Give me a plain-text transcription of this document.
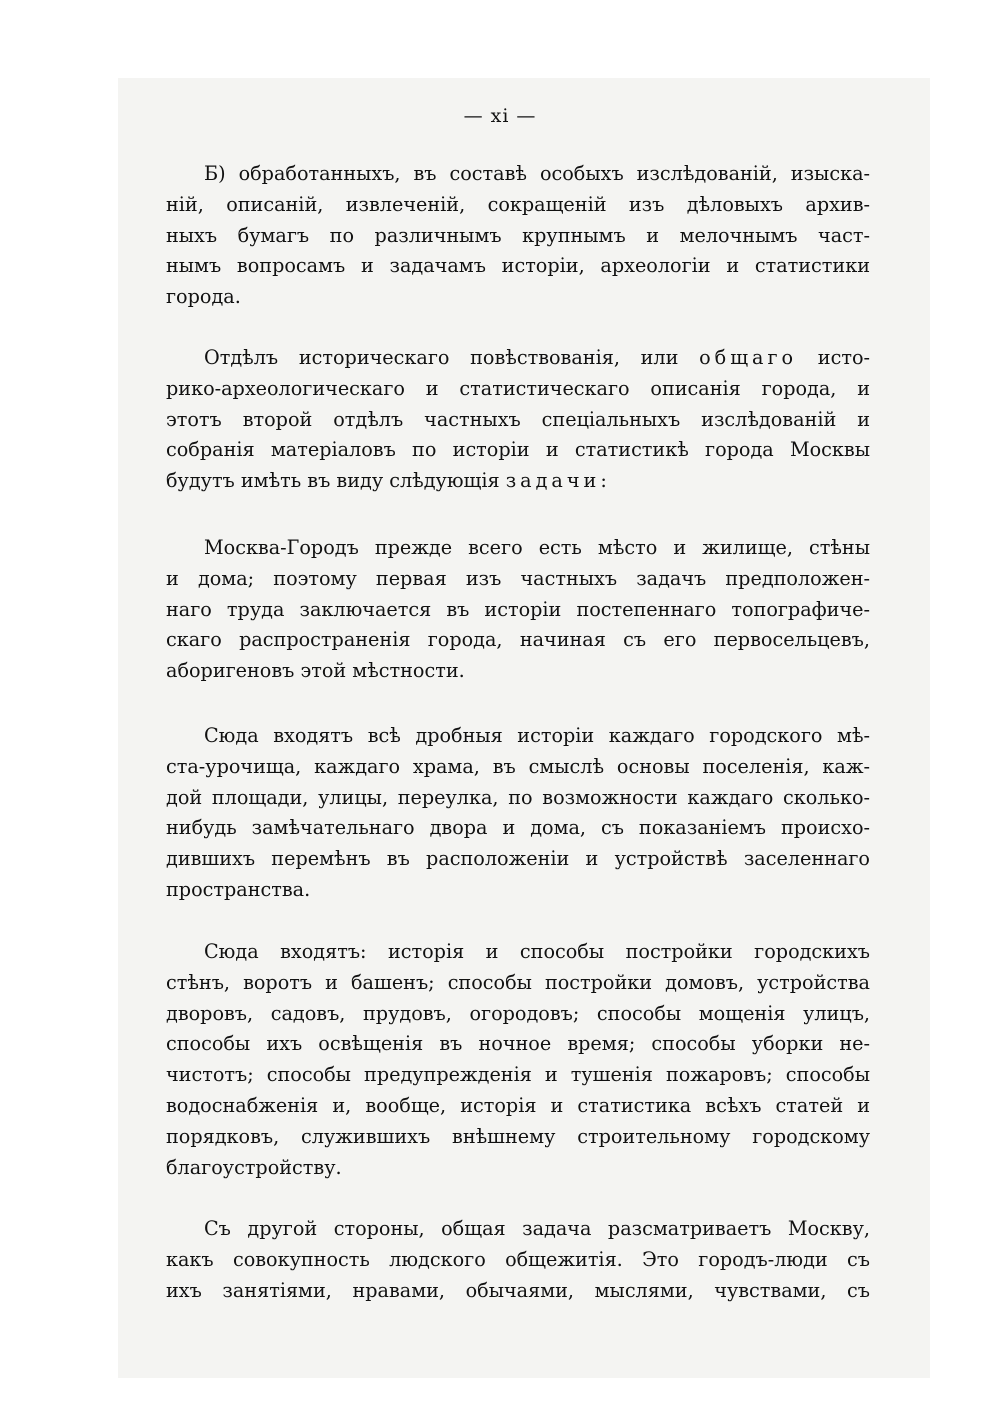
— xi —
Б) обработанныхъ, въ составѣ особыхъ изслѣдованій, изыска-
ній, описаній, извлеченій, сокращеній изъ дѣловыхъ архив-
ныхъ бумагъ по различнымъ крупнымъ и мелочнымъ част-
нымъ вопросамъ и задачамъ исторіи, археологіи и статистики
города.
Отдѣлъ историческаго повѣствованія, или общаго исто-
рико-археологическаго и статистическаго описанія города, и
этотъ второй отдѣлъ частныхъ спеціальныхъ изслѣдованій и
собранія матеріаловъ по исторіи и статистикѣ города Москвы
будутъ имѣть въ виду слѣдующія задачи:
Москва-Городъ прежде всего есть мѣсто и жилище, стѣны
и дома; поэтому первая изъ частныхъ задачъ предположен-
наго труда заключается въ исторіи постепеннаго топографиче-
скаго распространенія города, начиная съ его первосельцевъ,
аборигеновъ этой мѣстности.
Сюда входятъ всѣ дробныя исторіи каждаго городского мѣ-
ста-урочища, каждаго храма, въ смыслѣ основы поселенія, каж-
дой площади, улицы, переулка, по возможности каждаго сколько-
нибудь замѣчательнаго двора и дома, съ показаніемъ происхо-
дившихъ перемѣнъ въ расположеніи и устройствѣ заселеннаго
пространства.
Сюда входятъ: исторія и способы постройки городскихъ
стѣнъ, воротъ и башенъ; способы постройки домовъ, устройства
дворовъ, садовъ, прудовъ, огородовъ; способы мощенія улицъ,
способы ихъ освѣщенія въ ночное время; способы уборки не-
чистотъ; способы предупрежденія и тушенія пожаровъ; способы
водоснабженія и, вообще, исторія и статистика всѣхъ статей и
порядковъ, служившихъ внѣшнему строительному городскому
благоустройству.
Съ другой стороны, общая задача разсматриваетъ Москву,
какъ совокупность людского общежитія. Это городъ-люди съ
ихъ занятіями, нравами, обычаями, мыслями, чувствами, съ
